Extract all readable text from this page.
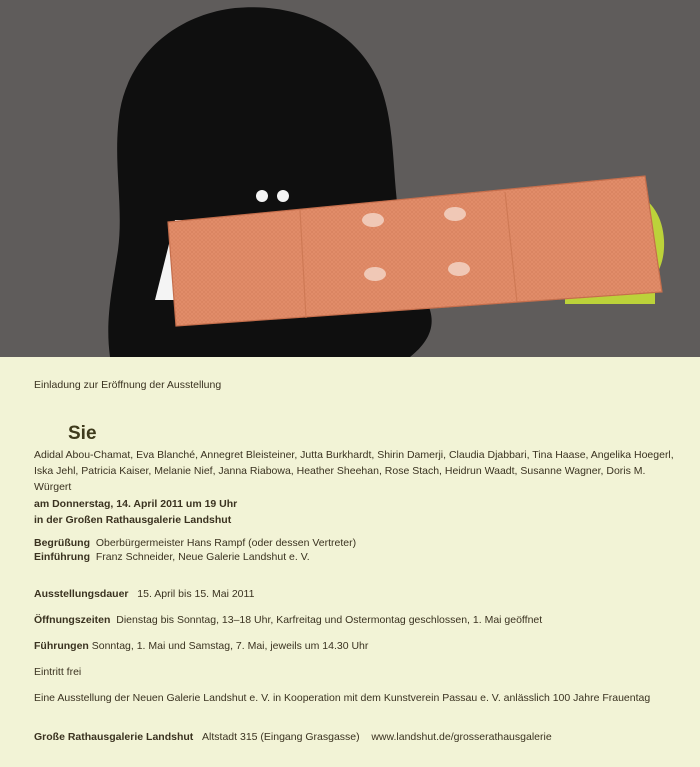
Einladung zur Eröffnung der Ausstellung
Sie
Adidal Abou-Chamat, Eva Blanché, Annegret Bleisteiner, Jutta Burkhardt, Shirin Damerji, Claudia Djabbari, Tina Haase, Angelika Hoegerl, Iska Jehl, Patricia Kaiser, Melanie Nief, Janna Riabowa, Heather Sheehan, Rose Stach, Heidrun Waadt, Susanne Wagner, Doris M. Würgert
am Donnerstag, 14. April 2011 um 19 Uhr
in der Großen Rathausgalerie Landshut
Begrüßung Oberbürgermeister Hans Rampf (oder dessen Vertreter)
Einführung Franz Schneider, Neue Galerie Landshut e. V.
Ausstellungsdauer 15. April bis 15. Mai 2011
Öffnungszeiten Dienstag bis Sonntag, 13–18 Uhr, Karfreitag und Ostermontag geschlossen, 1. Mai geöffnet
Führungen Sonntag, 1. Mai und Samstag, 7. Mai, jeweils um 14.30 Uhr
Eintritt frei
Eine Ausstellung der Neuen Galerie Landshut e. V. in Kooperation mit dem Kunstverein Passau e. V. anlässlich 100 Jahre Frauentag
Große Rathausgalerie Landshut Altstadt 315 (Eingang Grasgasse) www.landshut.de/grosserathausgalerie
